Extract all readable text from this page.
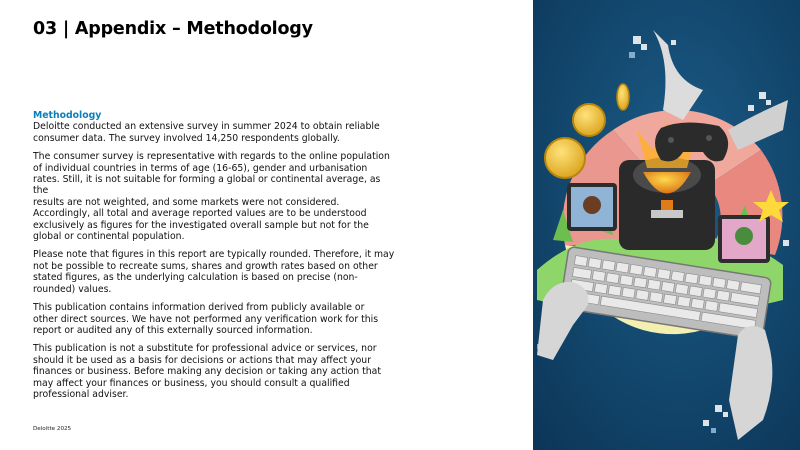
03 | Appendix – Methodology
Methodology

Deloitte conducted an extensive survey in summer 2024 to obtain reliable
consumer data. The survey involved 14,250 respondents globally.

The consumer survey is representative with regards to the online population
of individual countries in terms of age (16-65), gender and urbanisation
rates. Still, it is not suitable for forming a global or continental average, as the
results are not weighted, and some markets were not considered.
Accordingly, all total and average reported values are to be understood
exclusively as figures for the investigated overall sample but not for the
global or continental population.

Please note that figures in this report are typically rounded. Therefore, it may
not be possible to recreate sums, shares and growth rates based on other
stated figures, as the underlying calculation is based on precise (non-
rounded) values.

This publication contains information derived from publicly available or
other direct sources. We have not performed any verification work for this
report or audited any of this externally sourced information.

This publication is not a substitute for professional advice or services, nor
should it be used as a basis for decisions or actions that may affect your
finances or business. Before making any decision or taking any action that
may affect your finances or business, you should consult a qualified
professional adviser.

Deloitte 2025
